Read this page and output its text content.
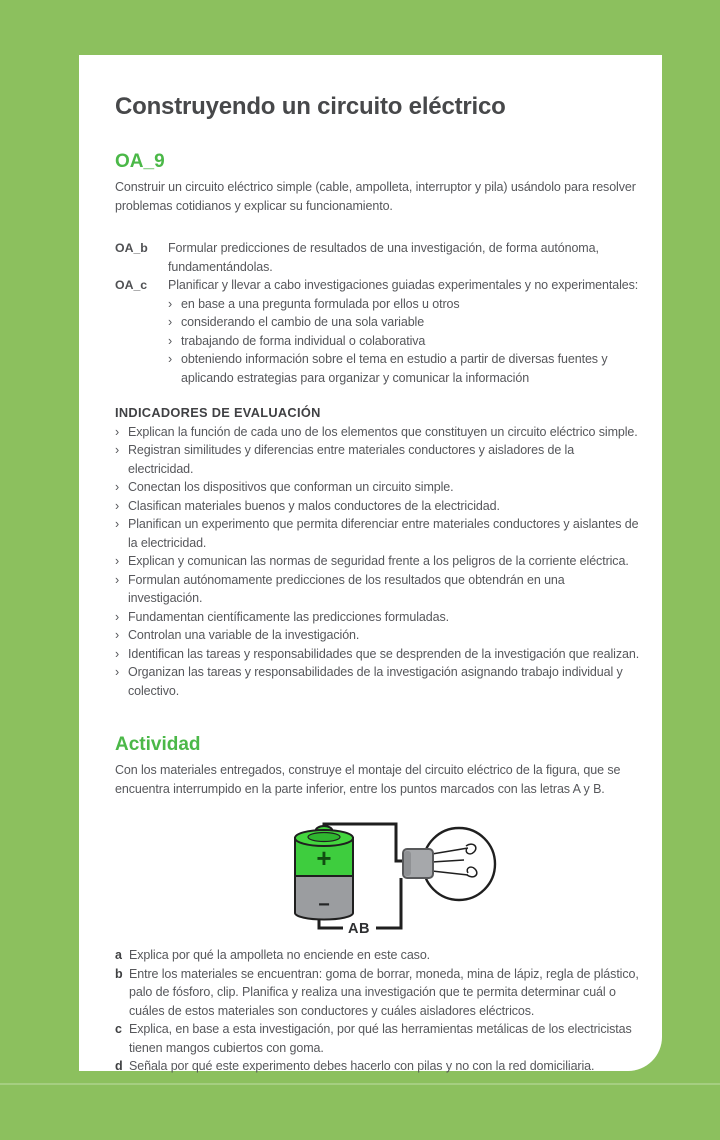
Construyendo un circuito eléctrico
OA_9
Construir un circuito eléctrico simple (cable, ampolleta, interruptor y pila) usándolo para resolver problemas cotidianos y explicar su funcionamiento.
OA_b	Formular predicciones de resultados de una investigación, de forma autónoma, fundamentándolas.
OA_c	Planificar y llevar a cabo investigaciones guiadas experimentales y no experimentales:
› en base a una pregunta formulada por ellos u otros
› considerando el cambio de una sola variable
› trabajando de forma individual o colaborativa
› obteniendo información sobre el tema en estudio a partir de diversas fuentes y aplicando estrategias para organizar y comunicar la información
INDICADORES DE EVALUACIÓN
› Explican la función de cada uno de los elementos que constituyen un circuito eléctrico simple.
› Registran similitudes y diferencias entre materiales conductores y aisladores de la electricidad.
› Conectan los dispositivos que conforman un circuito simple.
› Clasifican materiales buenos y malos conductores de la electricidad.
› Planifican un experimento que permita diferenciar entre materiales conductores y aislantes de la electricidad.
› Explican y comunican las normas de seguridad frente a los peligros de la corriente eléctrica.
› Formulan autónomamente predicciones de los resultados que obtendrán en una investigación.
› Fundamentan científicamente las predicciones formuladas.
› Controlan una variable de la investigación.
› Identifican las tareas y responsabilidades que se desprenden de la investigación que realizan.
› Organizan las tareas y responsabilidades de la investigación asignando trabajo individual y colectivo.
Actividad
Con los materiales entregados, construye el montaje del circuito eléctrico de la figura, que se encuentra interrumpido en la parte inferior, entre los puntos marcados con las letras A y B.
+
−
AB
a Explica por qué la ampolleta no enciende en este caso.
b Entre los materiales se encuentran: goma de borrar, moneda, mina de lápiz, regla de plástico, palo de fósforo, clip. Planifica y realiza una investigación que te permita determinar cuál o cuáles de estos materiales son conductores y cuáles aisladores eléctricos.
c Explica, en base a esta investigación, por qué las herramientas metálicas de los electricistas tienen mangos cubiertos con goma.
d Señala por qué este experimento debes hacerlo con pilas y no con la red domiciliaria.
